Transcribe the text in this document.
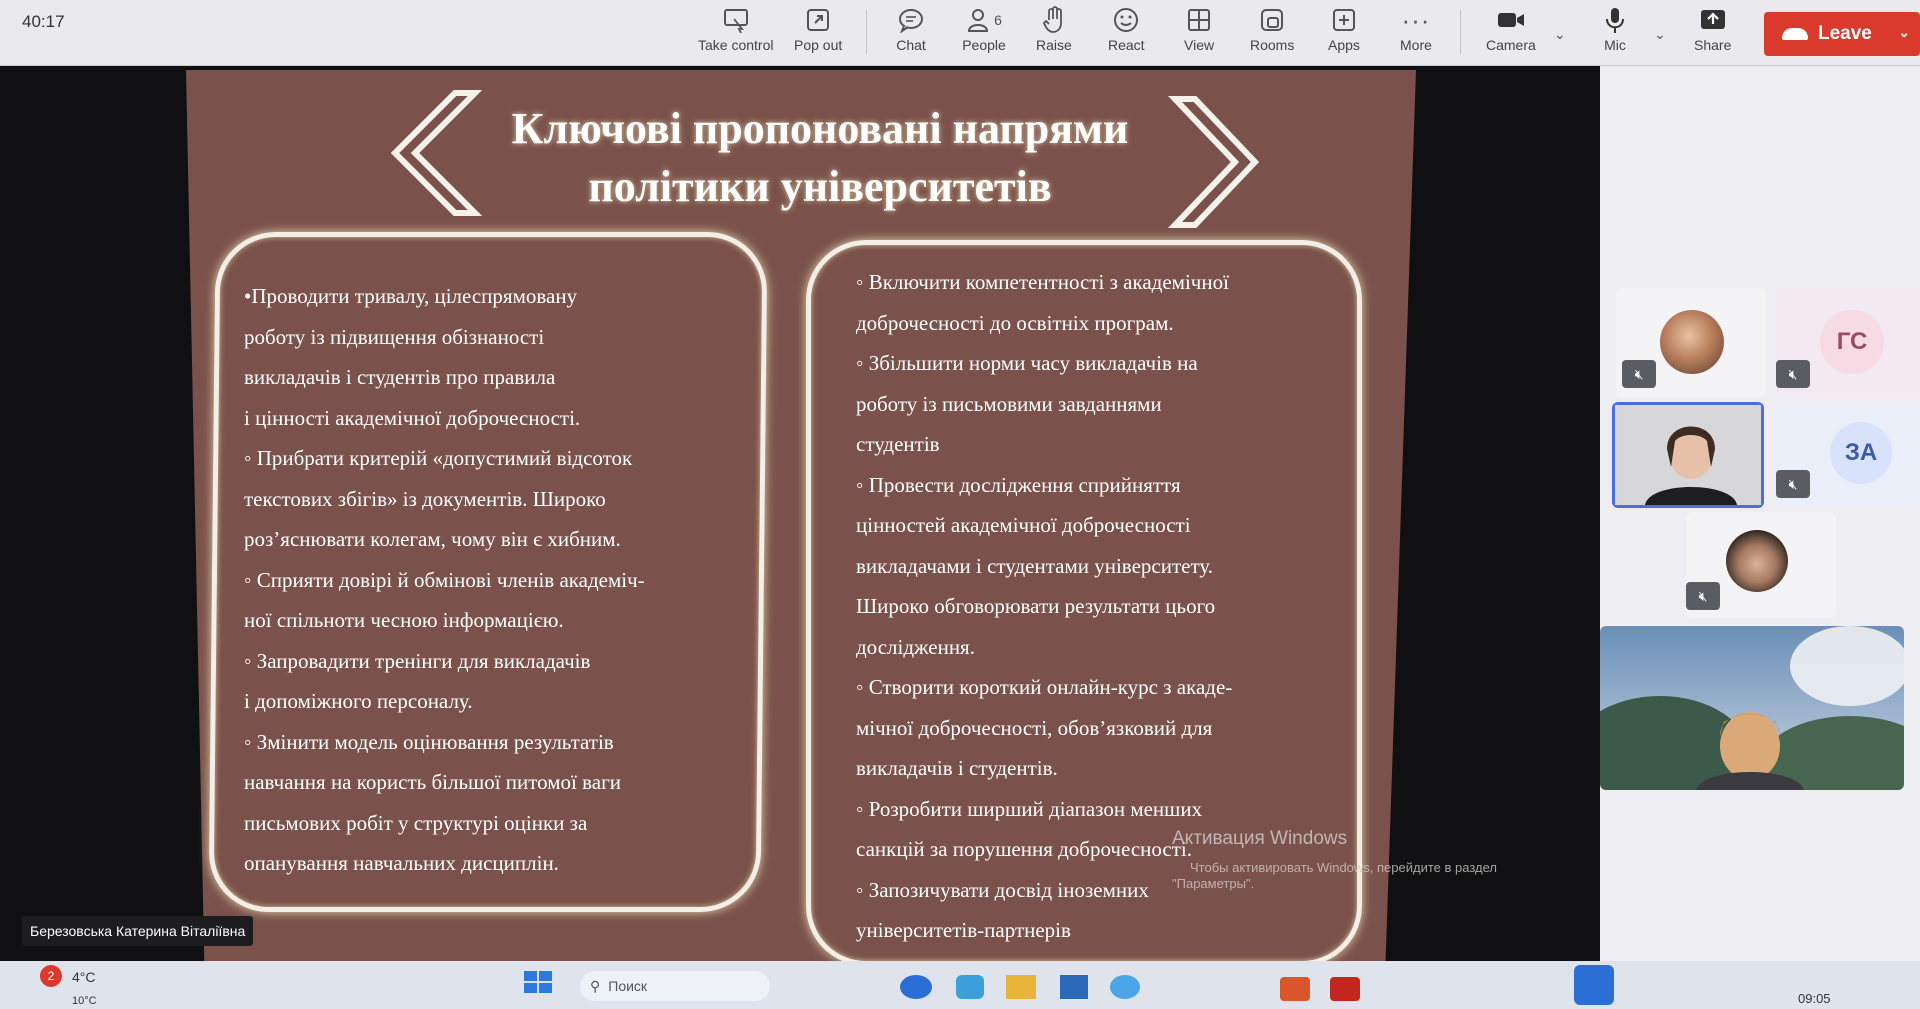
40:17
Take control Pop out	Chat
6
People Raise	React	View	Rooms Apps
···
More	Camera
⌄
Mic
⌄
Share
Leave ⌄
Ключові пропоновані напрями
політики університетів
•Проводити тривалу, цілеспрямовану
роботу із підвищення обізнаності
викладачів і студентів про правила
і цінності академічної доброчесності.
◦ Прибрати критерій «допустимий відсоток
текстових збігів» із документів. Широко
роз’яснювати колегам, чому він є хибним.
◦ Сприяти довірі й обмінові членів академіч-
ної спільноти чесною інформацією.
◦ Запровадити тренінги для викладачів
і допоміжного персоналу.
◦ Змінити модель оцінювання результатів
навчання на користь більшої питомої ваги
письмових робіт у структурі оцінки за
опанування навчальних дисциплін.
◦ Включити компетентності з академічної
доброчесності до освітніх програм.
◦ Збільшити норми часу викладачів на
роботу із письмовими завданнями
студентів
◦ Провести дослідження сприйняття
цінностей академічної доброчесності
викладачами і студентами університету.
Широко обговорювати результати цього
дослідження.
◦ Створити короткий онлайн-курс з акаде-
мічної доброчесності, обов’язковий для
викладачів і студентів.
◦ Розробити ширший діапазон менших
санкцій за порушення доброчесності.
◦ Запозичувати досвід іноземних
університетів-партнерів
Активация Windows
Чтобы активировать Windows, перейдите в раздел
"Параметры".
Березовська Катерина Віталіївна
🔇︎
ГС
🔇︎
ЗА
🔇︎
🔇︎
2	4°C
10°C
⚲ Поиск
09:05
